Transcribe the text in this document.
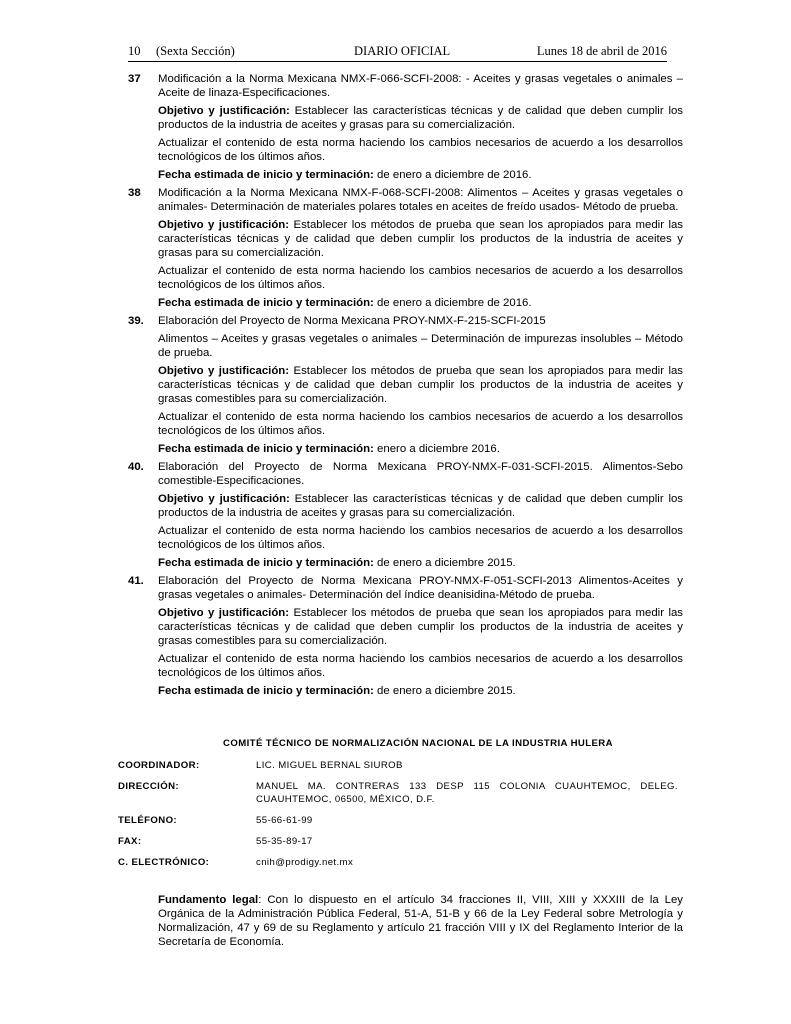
10 (Sexta Sección)	DIARIO OFICIAL	Lunes 18 de abril de 2016
37 Modificación a la Norma Mexicana NMX-F-066-SCFI-2008: - Aceites y grasas vegetales o animales – Aceite de linaza-Especificaciones.

Objetivo y justificación: Establecer las características técnicas y de calidad que deben cumplir los productos de la industria de aceites y grasas para su comercialización.

Actualizar el contenido de esta norma haciendo los cambios necesarios de acuerdo a los desarrollos tecnológicos de los últimos años.

Fecha estimada de inicio y terminación: de enero a diciembre de 2016.

38 Modificación a la Norma Mexicana NMX-F-068-SCFI-2008: Alimentos – Aceites y grasas vegetales o animales- Determinación de materiales polares totales en aceites de freído usados- Método de prueba.

Objetivo y justificación: Establecer los métodos de prueba que sean los apropiados para medir las características técnicas y de calidad que deben cumplir los productos de la industria de aceites y grasas para su comercialización.

Actualizar el contenido de esta norma haciendo los cambios necesarios de acuerdo a los desarrollos tecnológicos de los últimos años.

Fecha estimada de inicio y terminación: de enero a diciembre de 2016.

39. Elaboración del Proyecto de Norma Mexicana PROY-NMX-F-215-SCFI-2015

Alimentos – Aceites y grasas vegetales o animales – Determinación de impurezas insolubles – Método de prueba.

Objetivo y justificación: Establecer los métodos de prueba que sean los apropiados para medir las características técnicas y de calidad que deban cumplir los productos de la industria de aceites y grasas comestibles para su comercialización.

Actualizar el contenido de esta norma haciendo los cambios necesarios de acuerdo a los desarrollos tecnológicos de los últimos años.

Fecha estimada de inicio y terminación: enero a diciembre 2016.

40. Elaboración del Proyecto de Norma Mexicana PROY-NMX-F-031-SCFI-2015. Alimentos-Sebo comestible-Especificaciones.

Objetivo y justificación: Establecer las características técnicas y de calidad que deben cumplir los productos de la industria de aceites y grasas para su comercialización.

Actualizar el contenido de esta norma haciendo los cambios necesarios de acuerdo a los desarrollos tecnológicos de los últimos años.

Fecha estimada de inicio y terminación: de enero a diciembre 2015.

41. Elaboración del Proyecto de Norma Mexicana PROY-NMX-F-051-SCFI-2013 Alimentos-Aceites y grasas vegetales o animales- Determinación del índice deanisidina-Método de prueba.

Objetivo y justificación: Establecer los métodos de prueba que sean los apropiados para medir las características técnicas y de calidad que deben cumplir los productos de la industria de aceites y grasas comestibles para su comercialización.

Actualizar el contenido de esta norma haciendo los cambios necesarios de acuerdo a los desarrollos tecnológicos de los últimos años.

Fecha estimada de inicio y terminación: de enero a diciembre 2015.

COMITÉ TÉCNICO DE NORMALIZACIÓN NACIONAL DE LA INDUSTRIA HULERA
COORDINADOR:	LIC. MIGUEL BERNAL SIUROB
DIRECCIÓN:	MANUEL MA. CONTRERAS 133 DESP 115 COLONIA CUAUHTEMOC, DELEG. CUAUHTEMOC, 06500, MÉXICO, D.F.
TELÉFONO:	55-66-61-99
FAX:	55-35-89-17
C. ELECTRÓNICO:	cnih@prodigy.net.mx

Fundamento legal: Con lo dispuesto en el artículo 34 fracciones II, VIII, XIII y XXXIII de la Ley Orgánica de la Administración Pública Federal, 51-A, 51-B y 66 de la Ley Federal sobre Metrología y Normalización, 47 y 69 de su Reglamento y artículo 21 fracción VIII y IX del Reglamento Interior de la Secretaría de Economía.
